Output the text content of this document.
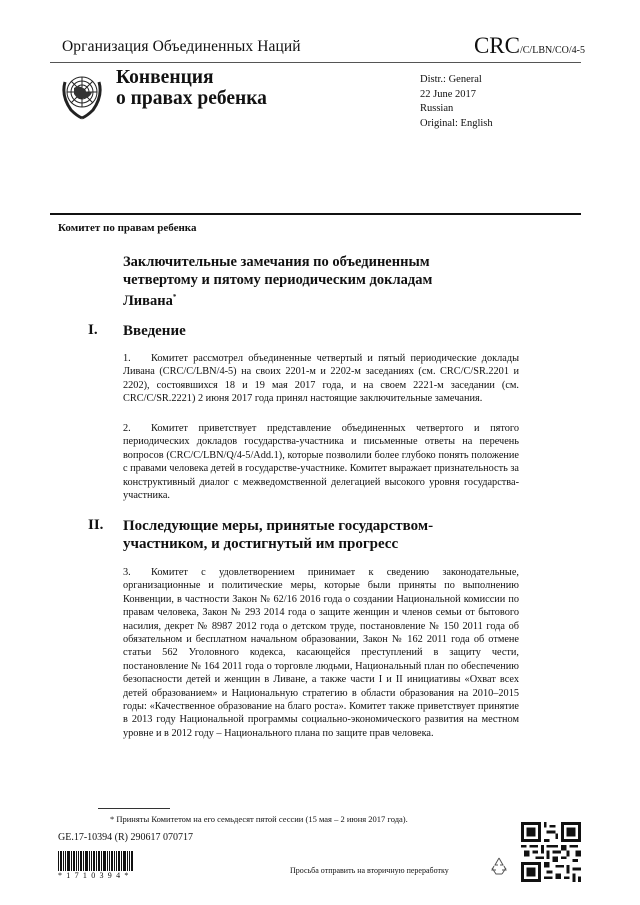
Организация Объединенных Наций	CRC/C/LBN/CO/4-5
Конвенция
о правах ребенка
Distr.: General
22 June 2017
Russian
Original: English
Комитет по правам ребенка
Заключительные замечания по объединенным
четвертому и пятому периодическим докладам
Ливана*
I. Введение
1. Комитет рассмотрел объединенные четвертый и пятый периодические доклады Ливана (CRC/C/LBN/4-5) на своих 2201-м и 2202-м заседаниях (см. CRC/C/SR.2201 и 2202), состоявшихся 18 и 19 мая 2017 года, и на своем 2221-м заседании (см. CRC/C/SR.2221) 2 июня 2017 года принял настоящие заключительные замечания.
2. Комитет приветствует представление объединенных четвертого и пятого периодических докладов государства-участника и письменные ответы на перечень вопросов (CRC/C/LBN/Q/4-5/Add.1), которые позволили более глубоко понять положение с правами человека детей в государстве-участнике. Комитет выражает признательность за конструктивный диалог с межведомственной делегацией высокого уровня государства-участника.
II. Последующие меры, принятые государством-
участником, и достигнутый им прогресс
3. Комитет с удовлетворением принимает к сведению законодательные, организационные и политические меры, которые были приняты по выполнению Конвенции, в частности Закон № 62/16 2016 года о создании Национальной комиссии по правам человека, Закон № 293 2014 года о защите женщин и членов семьи от бытового насилия, декрет № 8987 2012 года о детском труде, постановление № 150 2011 года об обязательном и бесплатном начальном образовании, Закон № 162 2011 года об отмене статьи 562 Уголовного кодекса, касающейся преступлений в защиту чести, постановление № 164 2011 года о торговле людьми, Национальный план по обеспечению безопасности детей и женщин в Ливане, а также части I и II инициативы «Охват всех детей образованием» и Национальную стратегию в области образования на 2010–2015 годы: «Качественное образование на благо роста». Комитет также приветствует принятие в 2013 году Национальной программы социально-экономического развития на местном уровне и в 2012 году – Национального плана по защите прав человека.
* Приняты Комитетом на его семьдесят пятой сессии (15 мая – 2 июня 2017 года).
GE.17-10394 (R) 290617 070717
*1710394*
Просьба отправить на вторичную переработку
